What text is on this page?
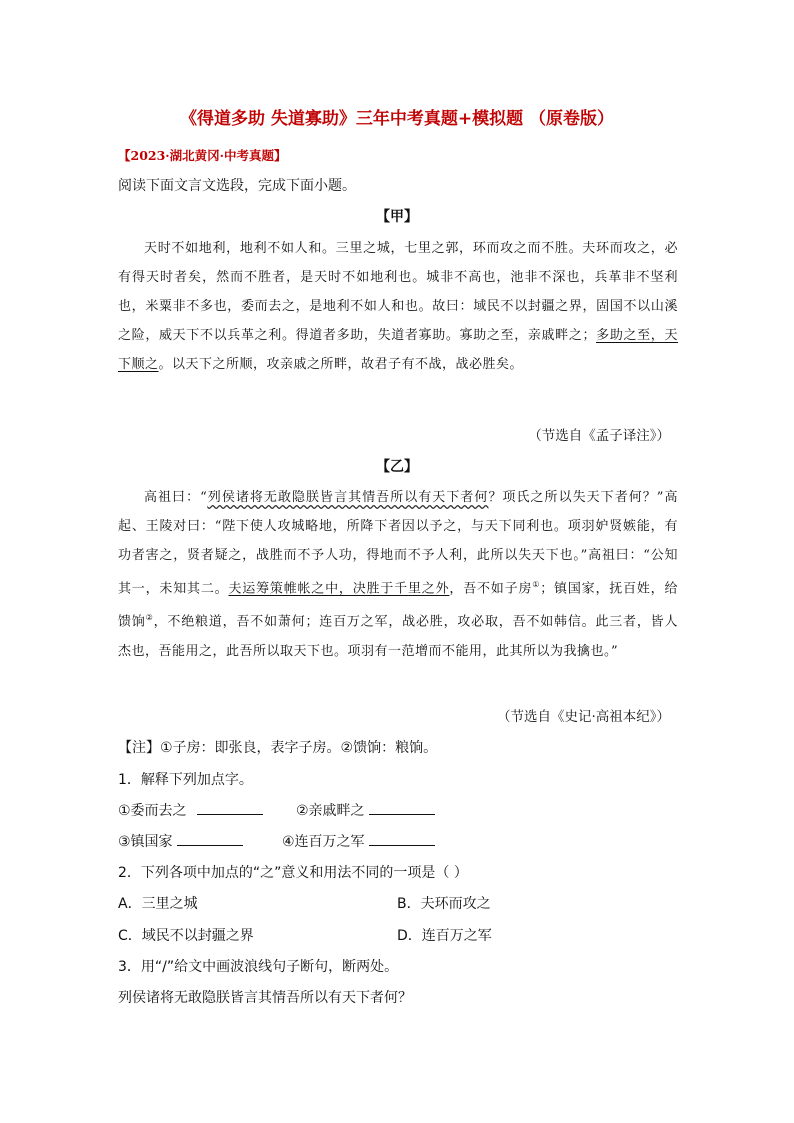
《得道多助 失道寡助》三年中考真题+模拟题 （原卷版）
【2023·湖北黄冈·中考真题】
阅读下面文言文选段，完成下面小题。
【甲】

天时不如地利，地利不如人和。三里之城，七里之郭，环而攻之而不胜。夫环而攻之，必有得天时者矣，然而不胜者，是天时不如地利也。城非不高也，池非不深也，兵革非不坚利也，米粟非不多也，委而去之，是地利不如人和也。故曰：域民不以封疆之界，固国不以山溪之险，威天下不以兵革之利。得道者多助，失道者寡助。寡助之至，亲戚畔之；多助之至，天下顺之。以天下之所顺，攻亲戚之所畔，故君子有不战，战必胜矣。

（节选自《孟子译注》）
【乙】

高祖曰：“列侯诸将无敢隐朕皆言其情吾所以有天下者何？项氏之所以失天下者何？”高起、王陵对曰：“陛下使人攻城略地，所降下者因以予之，与天下同利也。项羽妒贤嫉能，有功者害之，贤者疑之，战胜而不予人功，得地而不予人利，此所以失天下也。”高祖曰：“公知其一，未知其二。夫运筹策帷帐之中，决胜于千里之外，吾不如子房①；镇国家，抚百姓，给馈饷②，不绝粮道，吾不如萧何；连百万之军，战必胜，攻必取，吾不如韩信。此三者，皆人杰也，吾能用之，此吾所以取天下也。项羽有一范增而不能用，此其所以为我擒也。”

（节选自《史记·高祖本纪》）
【注】①子房：即张良，表字子房。②馈饷：粮饷。
1．解释下列加点字。
①委而去之	②亲戚畔之
③镇国家	④连百万之军
2．下列各项中加点的“之”意义和用法不同的一项是（ ）
A．三里之城	B．夫环而攻之
C．域民不以封疆之界	D．连百万之军
3．用“/”给文中画波浪线句子断句，断两处。
列侯诸将无敢隐朕皆言其情吾所以有天下者何？
